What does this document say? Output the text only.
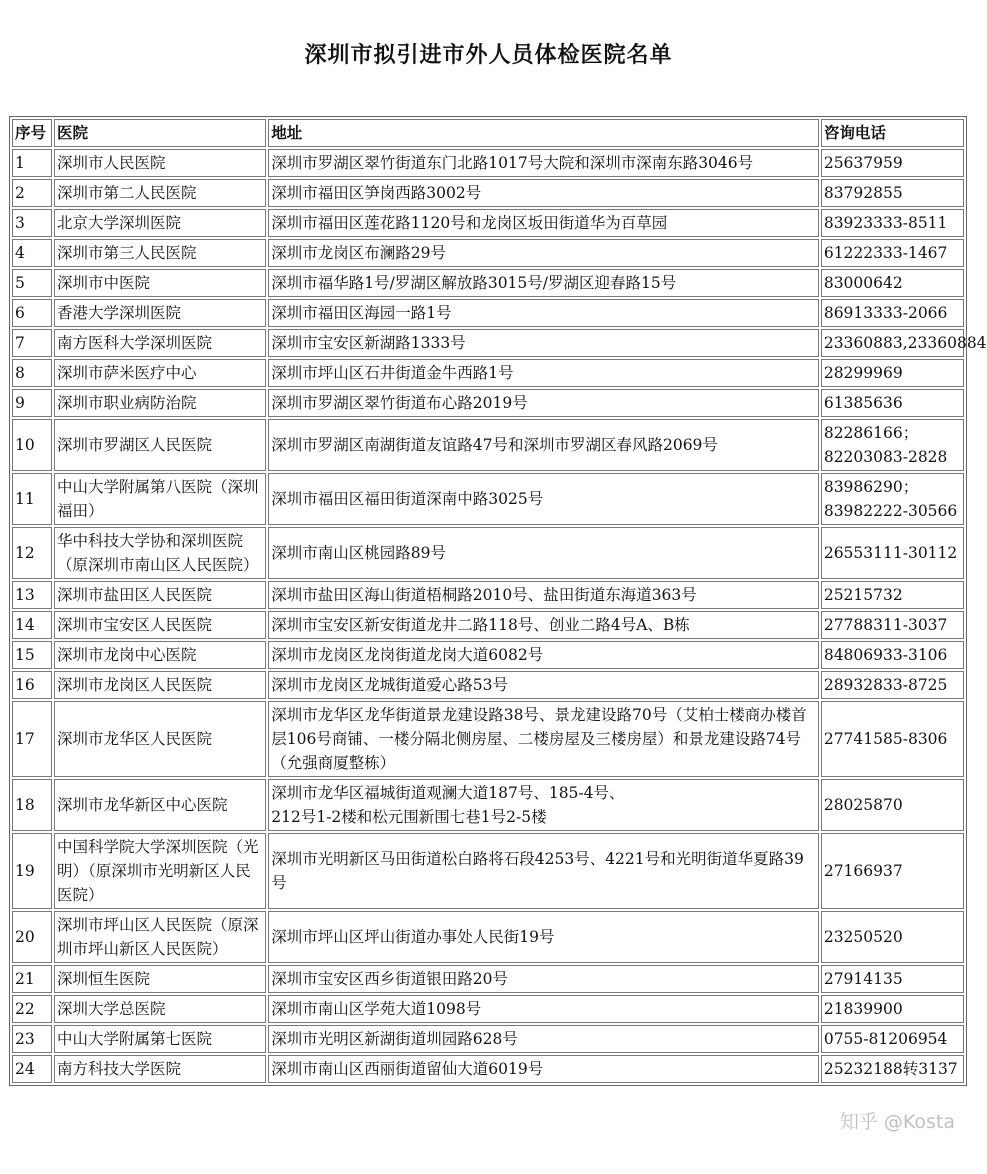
深圳市拟引进市外人员体检医院名单
序号	医院	地址	咨询电话
1	深圳市人民医院	深圳市罗湖区翠竹街道东门北路1017号大院和深圳市深南东路3046号	25637959
2	深圳市第二人民医院	深圳市福田区笋岗西路3002号	83792855
3	北京大学深圳医院	深圳市福田区莲花路1120号和龙岗区坂田街道华为百草园	83923333-8511
4	深圳市第三人民医院	深圳市龙岗区布澜路29号	61222333-1467
5	深圳市中医院	深圳市福华路1号/罗湖区解放路3015号/罗湖区迎春路15号	83000642
6	香港大学深圳医院	深圳市福田区海园一路1号	86913333-2066
7	南方医科大学深圳医院	深圳市宝安区新湖路1333号	23360883,23360884
8	深圳市萨米医疗中心	深圳市坪山区石井街道金牛西路1号	28299969
9	深圳市职业病防治院	深圳市罗湖区翠竹街道布心路2019号	61385636
10	深圳市罗湖区人民医院	深圳市罗湖区南湖街道友谊路47号和深圳市罗湖区春风路2069号	82286166；
82203083-2828
11	中山大学附属第八医院（深圳福田）	深圳市福田区福田街道深南中路3025号	83986290；
83982222-30566
12	华中科技大学协和深圳医院（原深圳市南山区人民医院）	深圳市南山区桃园路89号	26553111-30112
13	深圳市盐田区人民医院	深圳市盐田区海山街道梧桐路2010号、盐田街道东海道363号	25215732
14	深圳市宝安区人民医院	深圳市宝安区新安街道龙井二路118号、创业二路4号A、B栋	27788311-3037
15	深圳市龙岗中心医院	深圳市龙岗区龙岗街道龙岗大道6082号	84806933-3106
16	深圳市龙岗区人民医院	深圳市龙岗区龙城街道爱心路53号	28932833-8725
17	深圳市龙华区人民医院	深圳市龙华区龙华街道景龙建设路38号、景龙建设路70号（艾柏士楼商办楼首层106号商铺、一楼分隔北侧房屋、二楼房屋及三楼房屋）和景龙建设路74号（允强商厦整栋）	27741585-8306
18	深圳市龙华新区中心医院	深圳市龙华区福城街道观澜大道187号、185-4号、
212号1-2楼和松元围新围七巷1号2-5楼	28025870
19	中国科学院大学深圳医院（光明）（原深圳市光明新区人民医院）	深圳市光明新区马田街道松白路将石段4253号、4221号和光明街道华夏路39号	27166937
20	深圳市坪山区人民医院（原深圳市坪山新区人民医院）	深圳市坪山区坪山街道办事处人民街19号	23250520
21	深圳恒生医院	深圳市宝安区西乡街道银田路20号	27914135
22	深圳大学总医院	深圳市南山区学苑大道1098号	21839900
23	中山大学附属第七医院	深圳市光明区新湖街道圳园路628号	0755-81206954
24	南方科技大学医院	深圳市南山区西丽街道留仙大道6019号	25232188转3137
知乎 @Kosta
